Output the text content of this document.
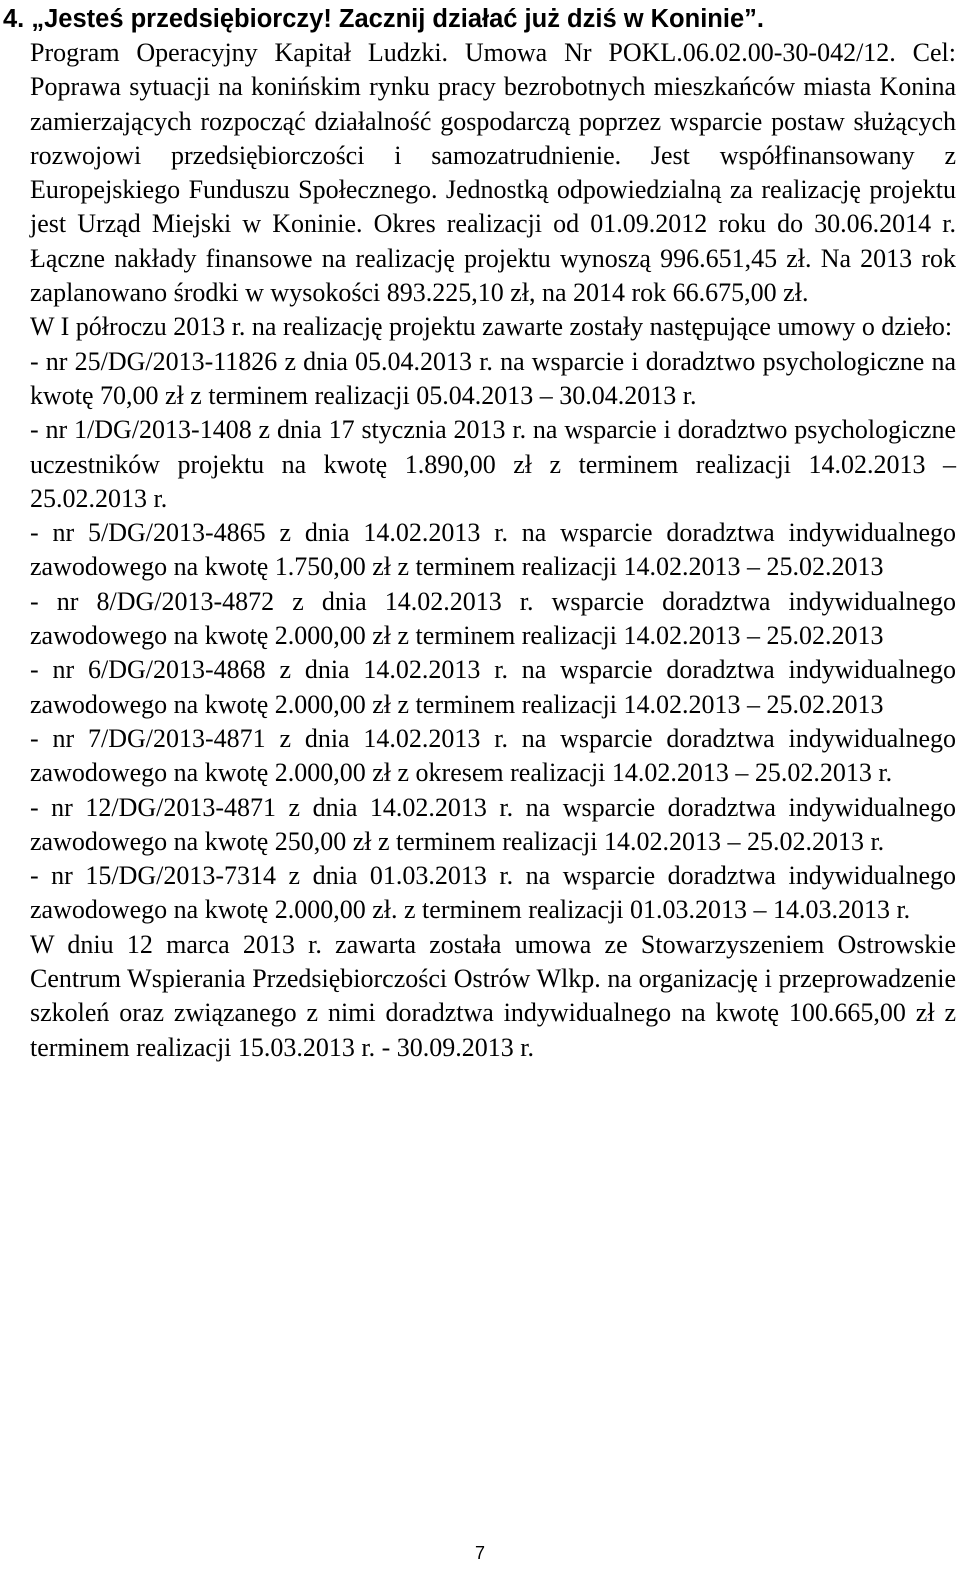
4. „Jesteś przedsiębiorczy! Zacznij działać już dziś w Koninie”.

Program Operacyjny Kapitał Ludzki. Umowa Nr POKL.06.02.00-30-042/12. Cel: Poprawa sytuacji na konińskim rynku pracy bezrobotnych mieszkańców miasta Konina zamierzających rozpocząć działalność gospodarczą poprzez wsparcie postaw służących rozwojowi przedsiębiorczości i samozatrudnienie. Jest współfinansowany z Europejskiego Funduszu Społecznego. Jednostką odpowiedzialną za realizację projektu jest Urząd Miejski w Koninie. Okres realizacji od 01.09.2012 roku do 30.06.2014 r. Łączne nakłady finansowe na realizację projektu wynoszą 996.651,45 zł. Na 2013 rok zaplanowano środki w wysokości 893.225,10 zł, na 2014 rok 66.675,00 zł.

W I półroczu 2013 r. na realizację projektu zawarte zostały następujące umowy o dzieło:

- nr 25/DG/2013-11826 z dnia 05.04.2013 r. na wsparcie i doradztwo psychologiczne na kwotę 70,00 zł z terminem realizacji 05.04.2013 – 30.04.2013 r.

- nr 1/DG/2013-1408 z dnia 17 stycznia 2013 r. na wsparcie i doradztwo psychologiczne uczestników projektu na kwotę 1.890,00 zł z terminem realizacji 14.02.2013 – 25.02.2013 r.

- nr 5/DG/2013-4865 z dnia 14.02.2013 r. na wsparcie doradztwa indywidualnego zawodowego na kwotę 1.750,00 zł z terminem realizacji 14.02.2013 – 25.02.2013

- nr 8/DG/2013-4872 z dnia 14.02.2013 r. wsparcie doradztwa indywidualnego zawodowego na kwotę 2.000,00 zł z terminem realizacji 14.02.2013 – 25.02.2013

- nr 6/DG/2013-4868 z dnia 14.02.2013 r. na wsparcie doradztwa indywidualnego zawodowego na kwotę 2.000,00 zł z terminem realizacji 14.02.2013 – 25.02.2013

- nr 7/DG/2013-4871 z dnia 14.02.2013 r. na wsparcie doradztwa indywidualnego zawodowego na kwotę 2.000,00 zł z okresem realizacji 14.02.2013 – 25.02.2013 r.

- nr 12/DG/2013-4871 z dnia 14.02.2013 r. na wsparcie doradztwa indywidualnego zawodowego na kwotę 250,00 zł z terminem realizacji 14.02.2013 – 25.02.2013 r.

- nr 15/DG/2013-7314 z dnia 01.03.2013 r. na wsparcie doradztwa indywidualnego zawodowego na kwotę 2.000,00 zł. z terminem realizacji 01.03.2013 – 14.03.2013 r.

W dniu 12 marca 2013 r. zawarta została umowa ze Stowarzyszeniem Ostrowskie Centrum Wspierania Przedsiębiorczości Ostrów Wlkp. na organizację i przeprowadzenie szkoleń oraz związanego z nimi doradztwa indywidualnego na kwotę 100.665,00 zł z terminem realizacji 15.03.2013 r. - 30.09.2013 r.

7
